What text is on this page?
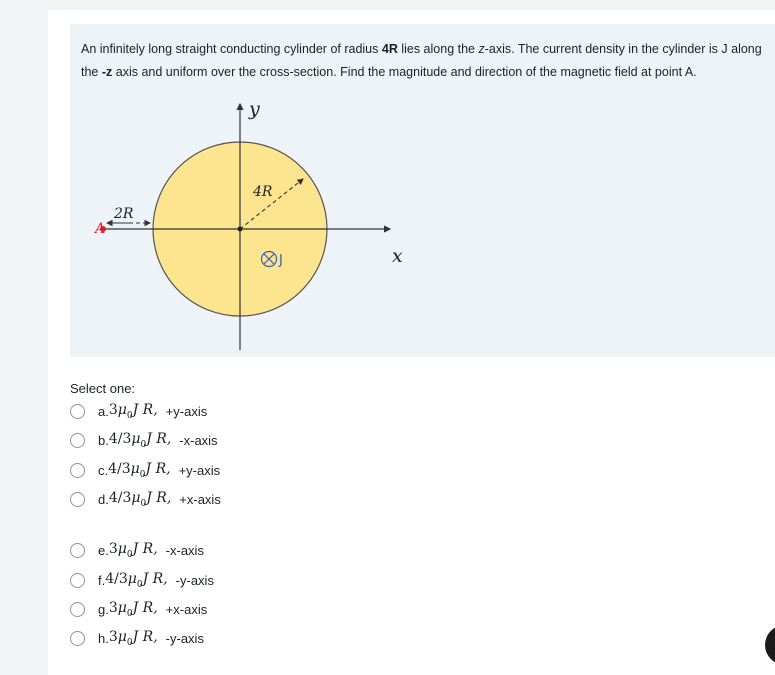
An infinitely long straight conducting cylinder of radius 4R lies along the z-axis. The current density in the cylinder is J along the -z axis and uniform over the cross-section. Find the magnitude and direction of the magnetic field at point A.
J
y
x
4R
2R
A
Select one:
a. $3\mu_0J$ R, +y-axis
b. $4/3\mu_0J$ R, -x-axis
c. $4/3\mu_0J$ R, +y-axis
d. $4/3\mu_0J$ R, +x-axis
e. $3\mu_0J$ R, -x-axis
f. $4/3\mu_0J$ R, -y-axis
g. $3\mu_0J$ R, +x-axis
h. $3\mu_0J$ R, -y-axis
